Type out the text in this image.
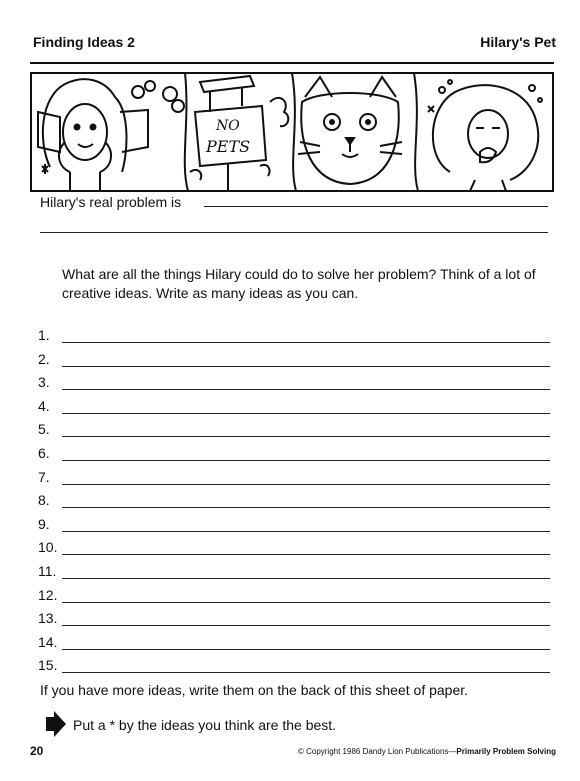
Finding Ideas 2	Hilary's Pet
NO
PETS
Hilary's real problem is
What are all the things Hilary could do to solve her problem? Think of a lot of creative ideas. Write as many ideas as you can.
1.
2.
3.
4.
5.
6.
7.
8.
9.
10.
11.
12.
13.
14.
15.
If you have more ideas, write them on the back of this sheet of paper.
Put a * by the ideas you think are the best.
20	© Copyright 1986 Dandy Lion Publications—Primarily Problem Solving
